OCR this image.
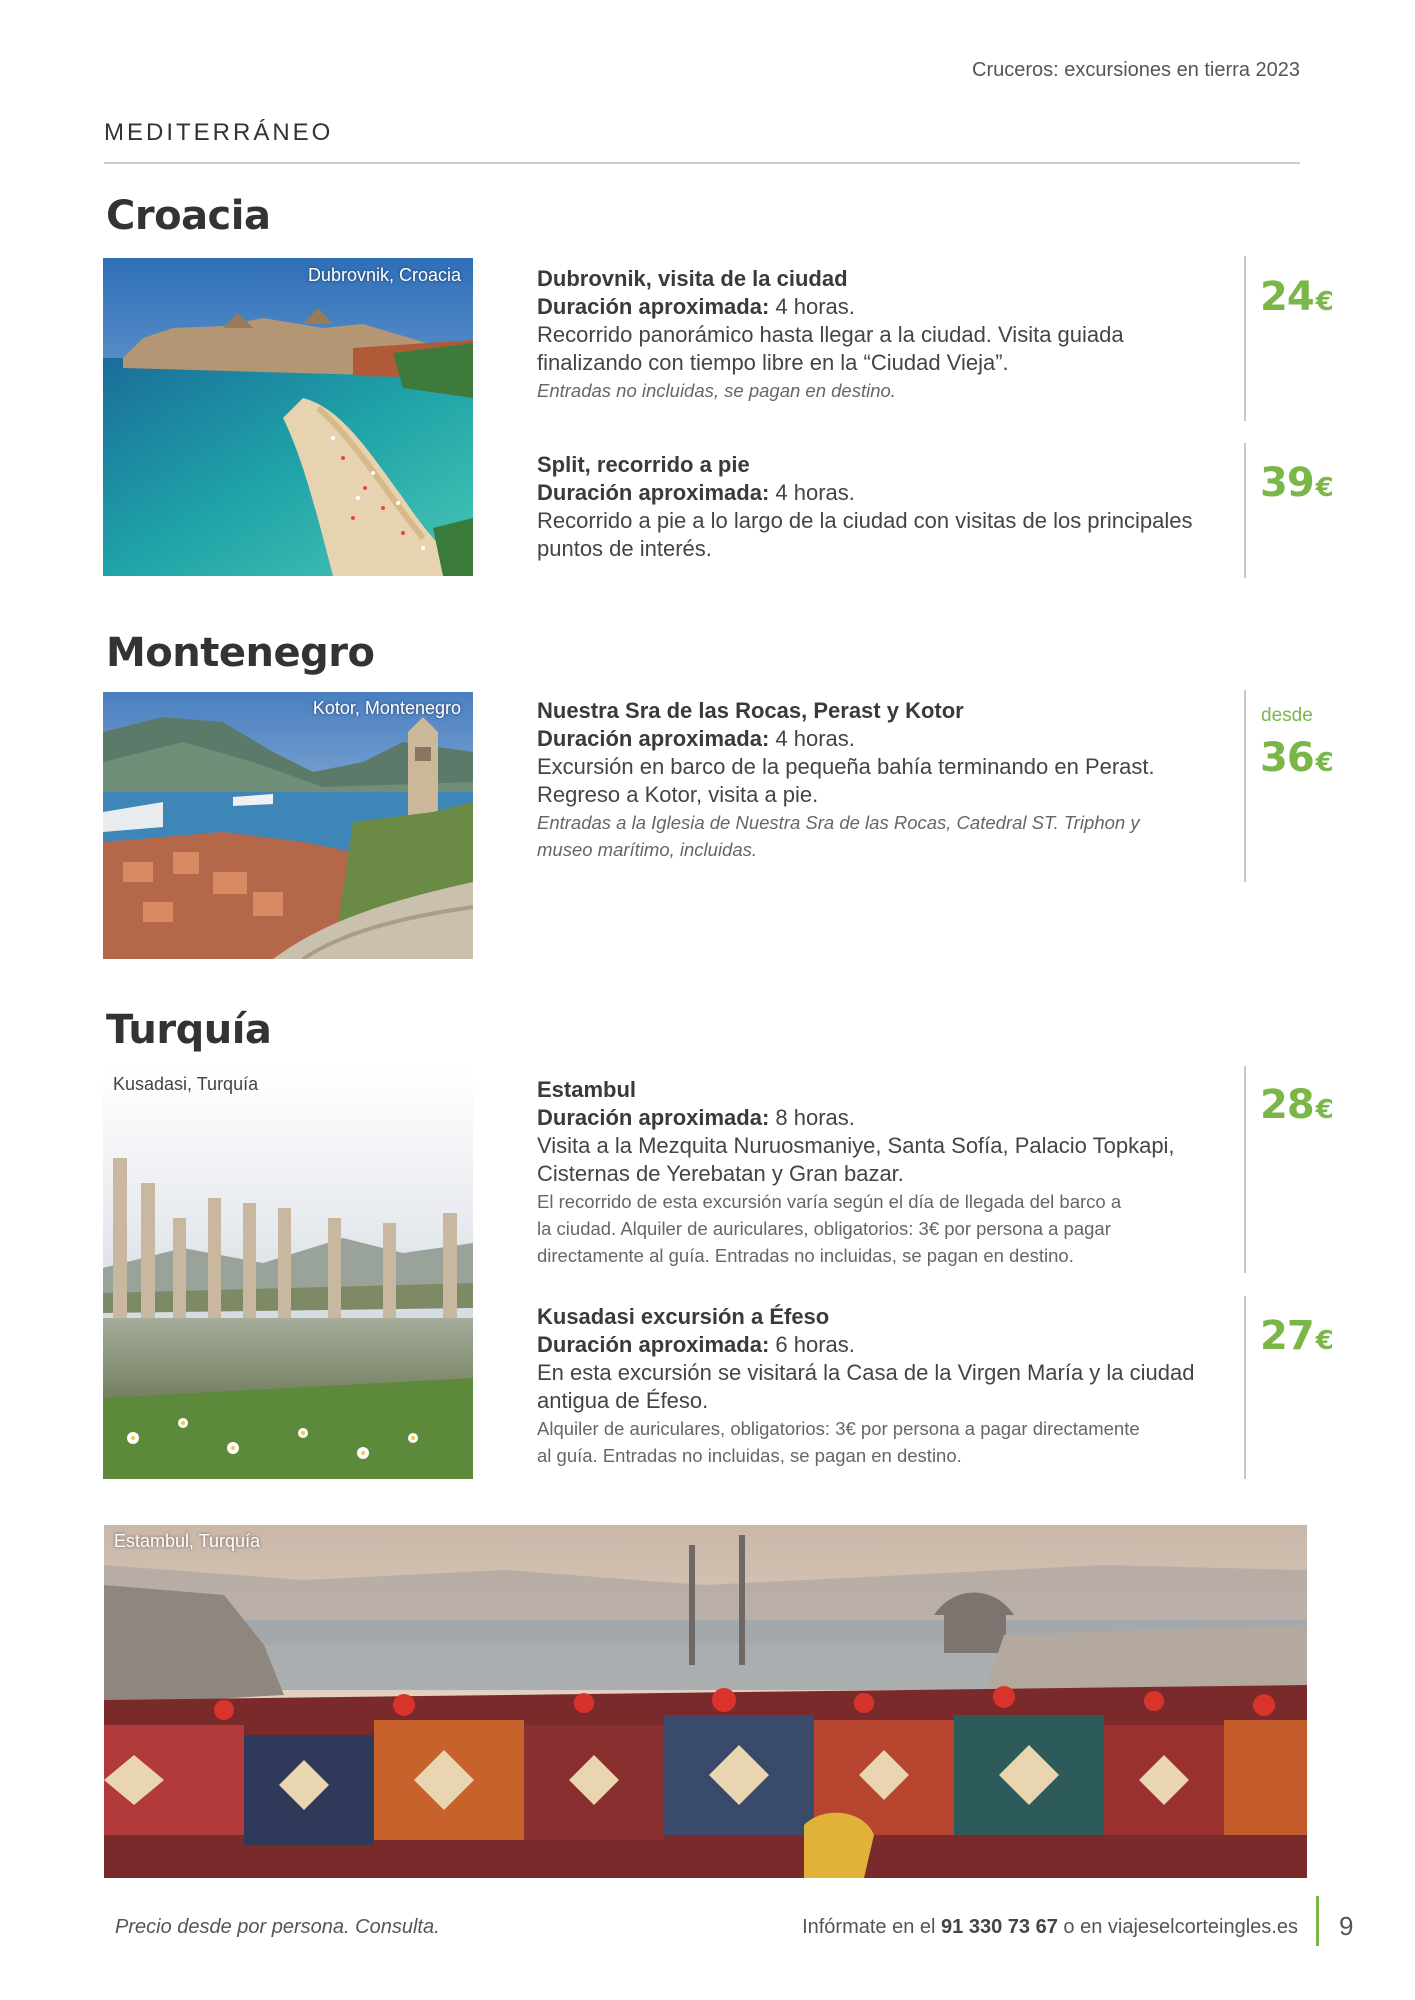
Cruceros: excursiones en tierra 2023
MEDITERRÁNEO
Croacia
Dubrovnik, Croacia	Dubrovnik, visita de la ciudad
Duración aproximada: 4 horas.
Recorrido panorámico hasta llegar a la ciudad. Visita guiada
finalizando con tiempo libre en la “Ciudad Vieja”.
Entradas no incluidas, se pagan en destino.
24€
Split, recorrido a pie
Duración aproximada: 4 horas.
Recorrido a pie a lo largo de la ciudad con visitas de los principales
puntos de interés.
39€
Montenegro
Kotor, Montenegro	Nuestra Sra de las Rocas, Perast y Kotor
Duración aproximada: 4 horas.
Excursión en barco de la pequeña bahía terminando en Perast.
Regreso a Kotor, visita a pie.
Entradas a la Iglesia de Nuestra Sra de las Rocas, Catedral ST. Triphon y
museo marítimo, incluidas.
desde
36€
Turquía
Kusadasi, Turquía	Estambul
Duración aproximada: 8 horas.
Visita a la Mezquita Nuruosmaniye, Santa Sofía, Palacio Topkapi,
Cisternas de Yerebatan y Gran bazar.
El recorrido de esta excursión varía según el día de llegada del barco a
la ciudad. Alquiler de auriculares, obligatorios: 3€ por persona a pagar
directamente al guía. Entradas no incluidas, se pagan en destino.
28€
Kusadasi excursión a Éfeso
Duración aproximada: 6 horas.
En esta excursión se visitará la Casa de la Virgen María y la ciudad
antigua de Éfeso.
Alquiler de auriculares, obligatorios: 3€ por persona a pagar directamente
al guía. Entradas no incluidas, se pagan en destino.
27€
Estambul, Turquía
Precio desde por persona. Consulta.	Infórmate en el 91 330 73 67 o en viajeselcorteingles.es 9
